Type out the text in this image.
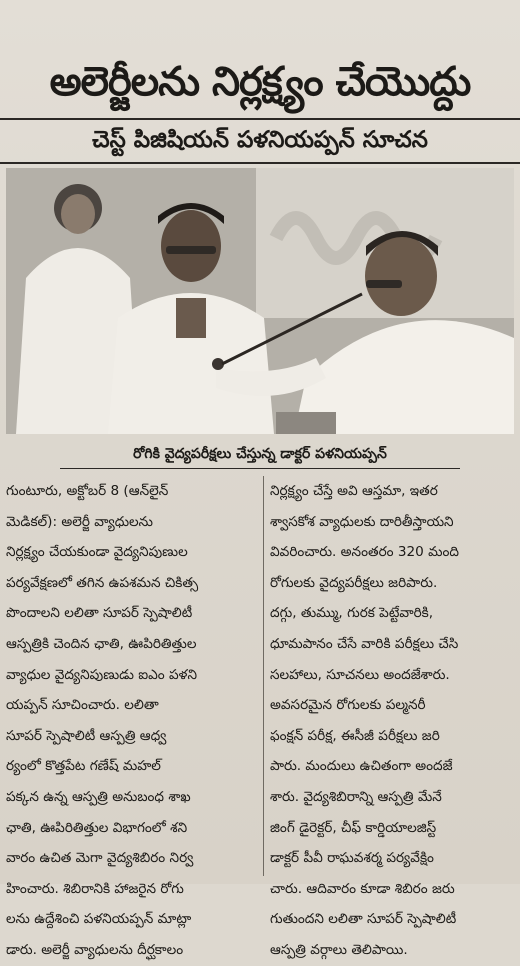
అలెర్జీలను నిర్లక్ష్యం చేయొద్దు
చెస్ట్ పిజిషియన్ పళనియప్పన్ సూచన
రోగికి వైద్యపరీక్షలు చేస్తున్న డాక్టర్ పళనియప్పన్
గుంటూరు, అక్టోబర్ 8 (ఆన్‌లైన్
మెడికల్): అలెర్జీ వ్యాధులను
నిర్లక్ష్యం చేయకుండా వైద్యనిపుణుల
పర్యవేక్షణలో తగిన ఉపశమన చికిత్స
పొందాలని లలితా సూపర్ స్పెషాలిటీ
ఆస్పత్రికి చెందిన ఛాతి, ఊపిరితిత్తుల
వ్యాధుల వైద్యనిపుణుడు ఐఎం పళని
యప్పన్ సూచించారు. లలితా
సూపర్ స్పెషాలిటీ ఆస్పత్రి ఆధ్వ
ర్యంలో కొత్తపేట గణేష్ మహల్
పక్కన ఉన్న ఆస్పత్రి అనుబంధ శాఖ
ఛాతి, ఊపిరితిత్తుల విభాగంలో శని
వారం ఉచిత మెగా వైద్యశిబిరం నిర్వ
హించారు. శిబిరానికి హాజరైన రోగు
లను ఉద్దేశించి పళనియప్పన్ మాట్లా
డారు. అలెర్జీ వ్యాధులను దీర్ఘకాలం
నిర్లక్ష్యం చేస్తే అవి ఆస్తమా, ఇతర
శ్వాసకోశ వ్యాధులకు దారితీస్తాయని
వివరించారు. అనంతరం 320 మంది
రోగులకు వైద్యపరీక్షలు జరిపారు.
దగ్గు, తుమ్ము, గురక పెట్టేవారికి,
ధూమపానం చేసే వారికి పరీక్షలు చేసి
సలహాలు, సూచనలు అందజేశారు.
అవసరమైన రోగులకు పల్మనరీ
ఫంక్షన్ పరీక్ష, ఈసీజీ పరీక్షలు జరి
పారు. మందులు ఉచితంగా అందజే
శారు. వైద్యశిబిరాన్ని ఆస్పత్రి మేనే
జింగ్ డైరెక్టర్, చీఫ్ కార్డియాలజిస్ట్
డాక్టర్ పీవీ రాఘవశర్మ పర్యవేక్షిం
చారు. ఆదివారం కూడా శిబిరం జరు
గుతుందని లలితా సూపర్ స్పెషాలిటీ
ఆస్పత్రి వర్గాలు తెలిపాయి.
